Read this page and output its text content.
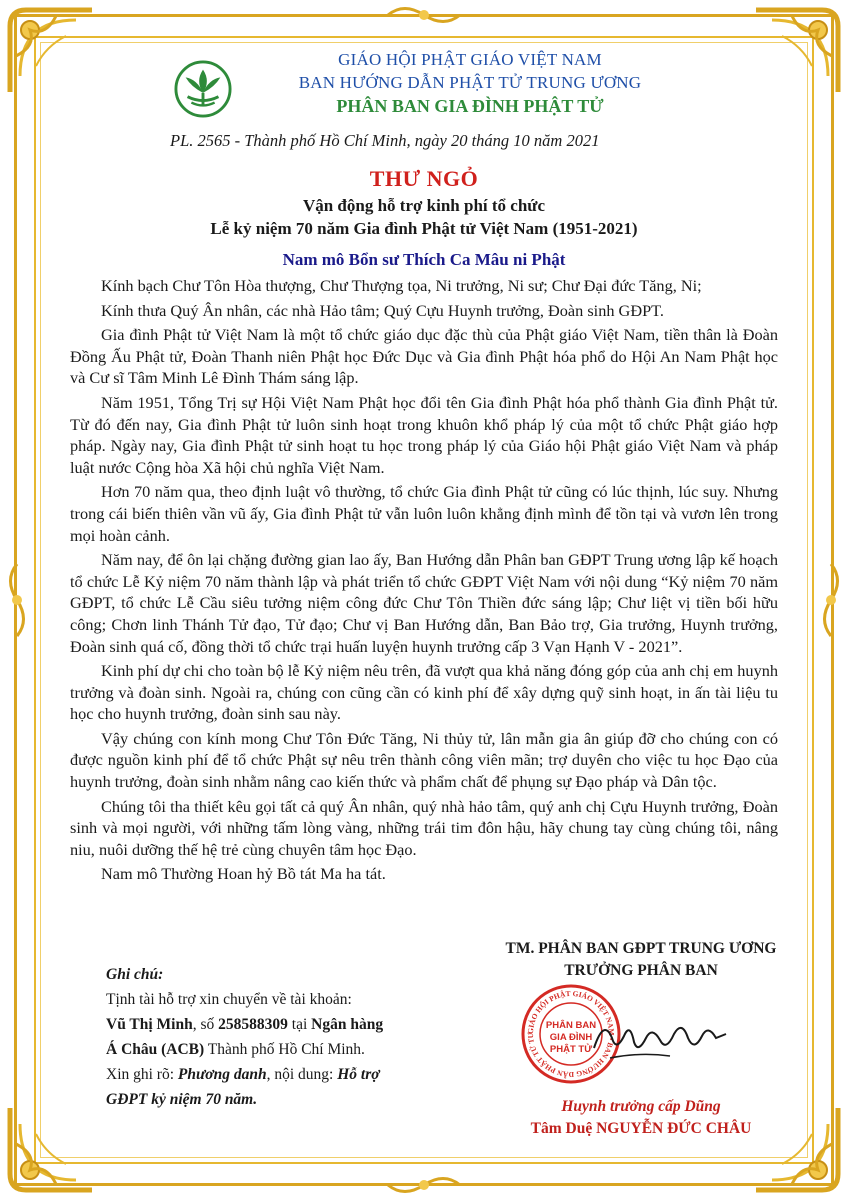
GIÁO HỘI PHẬT GIÁO VIỆT NAM
BAN HƯỚNG DẪN PHẬT TỬ TRUNG ƯƠNG
PHÂN BAN GIA ĐÌNH PHẬT TỬ
PL. 2565 - Thành phố Hồ Chí Minh, ngày 20 tháng 10 năm 2021
THƯ NGỎ
Vận động hỗ trợ kinh phí tổ chức
Lễ kỷ niệm 70 năm Gia đình Phật tử Việt Nam (1951-2021)
Nam mô Bổn sư Thích Ca Mâu ni Phật

Kính bạch Chư Tôn Hòa thượng, Chư Thượng tọa, Ni trưởng, Ni sư; Chư Đại đức Tăng, Ni;

Kính thưa Quý Ân nhân, các nhà Hảo tâm; Quý Cựu Huynh trưởng, Đoàn sinh GĐPT.

Gia đình Phật tử Việt Nam là một tổ chức giáo dục đặc thù của Phật giáo Việt Nam, tiền thân là Đoàn Đồng Ấu Phật tử, Đoàn Thanh niên Phật học Đức Dục và Gia đình Phật hóa phổ do Hội An Nam Phật học và Cư sĩ Tâm Minh Lê Đình Thám sáng lập.

Năm 1951, Tổng Trị sự Hội Việt Nam Phật học đổi tên Gia đình Phật hóa phổ thành Gia đình Phật tử. Từ đó đến nay, Gia đình Phật tử luôn sinh hoạt trong khuôn khổ pháp lý của một tổ chức Phật giáo hợp pháp. Ngày nay, Gia đình Phật tử sinh hoạt tu học trong pháp lý của Giáo hội Phật giáo Việt Nam và pháp luật nước Cộng hòa Xã hội chủ nghĩa Việt Nam.

Hơn 70 năm qua, theo định luật vô thường, tổ chức Gia đình Phật tử cũng có lúc thịnh, lúc suy. Nhưng trong cái biến thiên vần vũ ấy, Gia đình Phật tử vẫn luôn luôn khẳng định mình để tồn tại và vươn lên trong mọi hoàn cảnh.

Năm nay, để ôn lại chặng đường gian lao ấy, Ban Hướng dẫn Phân ban GĐPT Trung ương lập kế hoạch tổ chức Lễ Kỷ niệm 70 năm thành lập và phát triển tổ chức GĐPT Việt Nam với nội dung “Kỷ niệm 70 năm GĐPT, tổ chức Lễ Cầu siêu tưởng niệm công đức Chư Tôn Thiền đức sáng lập; Chư liệt vị tiền bối hữu công; Chơn linh Thánh Tử đạo, Tử đạo; Chư vị Ban Hướng dẫn, Ban Bảo trợ, Gia trưởng, Huynh trưởng, Đoàn sinh quá cố, đồng thời tổ chức trại huấn luyện huynh trưởng cấp 3 Vạn Hạnh V - 2021”.

Kinh phí dự chi cho toàn bộ lễ Kỷ niệm nêu trên, đã vượt qua khả năng đóng góp của anh chị em huynh trưởng và đoàn sinh. Ngoài ra, chúng con cũng cần có kinh phí để xây dựng quỹ sinh hoạt, in ấn tài liệu tu học cho huynh trưởng, đoàn sinh sau này.

Vậy chúng con kính mong Chư Tôn Đức Tăng, Ni thủy tử, lân mẫn gia ân giúp đỡ cho chúng con có được nguồn kinh phí để tổ chức Phật sự nêu trên thành công viên mãn; trợ duyên cho việc tu học Đạo của huynh trưởng, đoàn sinh nhằm nâng cao kiến thức và phẩm chất để phụng sự Đạo pháp và Dân tộc.

Chúng tôi tha thiết kêu gọi tất cả quý Ân nhân, quý nhà hảo tâm, quý anh chị Cựu Huynh trưởng, Đoàn sinh và mọi người, với những tấm lòng vàng, những trái tim đôn hậu, hãy chung tay cùng chúng tôi, nâng niu, nuôi dưỡng thế hệ trẻ cùng chuyên tâm học Đạo.

Nam mô Thường Hoan hỷ Bồ tát Ma ha tát.

Ghi chú:
Tịnh tài hỗ trợ xin chuyển về tài khoản:
Vũ Thị Minh, số 258588309 tại Ngân hàng
Á Châu (ACB) Thành phố Hồ Chí Minh.
Xin ghi rõ: Phương danh, nội dung: Hỗ trợ
GĐPT kỷ niệm 70 năm.
TM. PHÂN BAN GĐPT TRUNG ƯƠNG
TRƯỞNG PHÂN BAN
GIÁO HỘI PHẬT GIÁO VIỆT NAM • BAN HƯỚNG DẪN PHẬT TỬ TƯ
PHÂN BAN
GIA ĐÌNH
PHẬT TỬ
Huynh trưởng cấp Dũng
Tâm Duệ NGUYỄN ĐỨC CHÂU
